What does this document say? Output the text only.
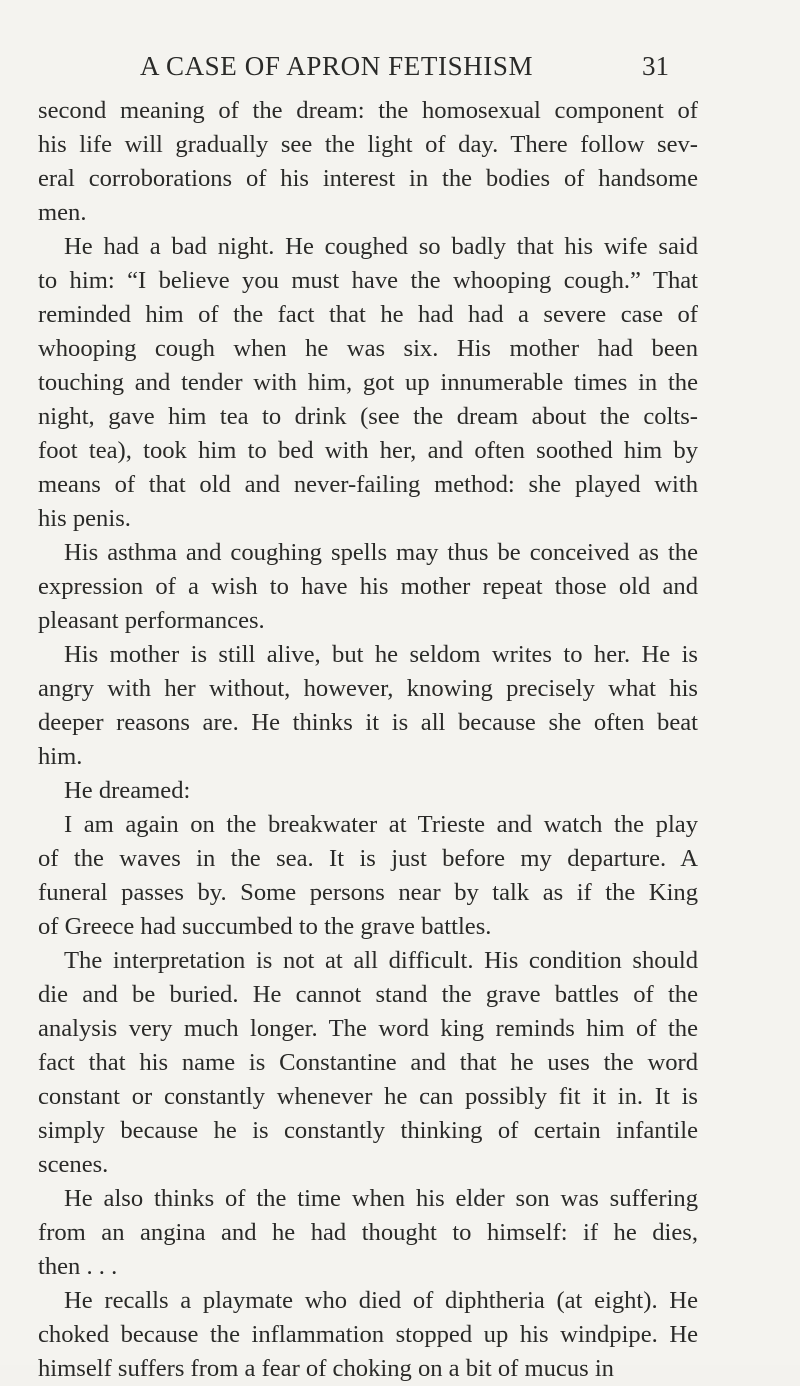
A CASE OF APRON FETISHISM	31
second meaning of the dream: the homosexual component of
his life will gradually see the light of day. There follow sev-
eral corroborations of his interest in the bodies of handsome
men.
He had a bad night. He coughed so badly that his wife said
to him: “I believe you must have the whooping cough.” That
reminded him of the fact that he had had a severe case of
whooping cough when he was six. His mother had been
touching and tender with him, got up innumerable times in the
night, gave him tea to drink (see the dream about the colts-
foot tea), took him to bed with her, and often soothed him by
means of that old and never-failing method: she played with
his penis.
His asthma and coughing spells may thus be conceived as the
expression of a wish to have his mother repeat those old and
pleasant performances.
His mother is still alive, but he seldom writes to her. He is
angry with her without, however, knowing precisely what his
deeper reasons are. He thinks it is all because she often beat
him.
He dreamed:
I am again on the breakwater at Trieste and watch the play
of the waves in the sea. It is just before my departure. A
funeral passes by. Some persons near by talk as if the King
of Greece had succumbed to the grave battles.
The interpretation is not at all difficult. His condition should
die and be buried. He cannot stand the grave battles of the
analysis very much longer. The word king reminds him of the
fact that his name is Constantine and that he uses the word
constant or constantly whenever he can possibly fit it in. It is
simply because he is constantly thinking of certain infantile
scenes.
He also thinks of the time when his elder son was suffering
from an angina and he had thought to himself: if he dies,
then . . .
He recalls a playmate who died of diphtheria (at eight). He
choked because the inflammation stopped up his windpipe. He
himself suffers from a fear of choking on a bit of mucus in
